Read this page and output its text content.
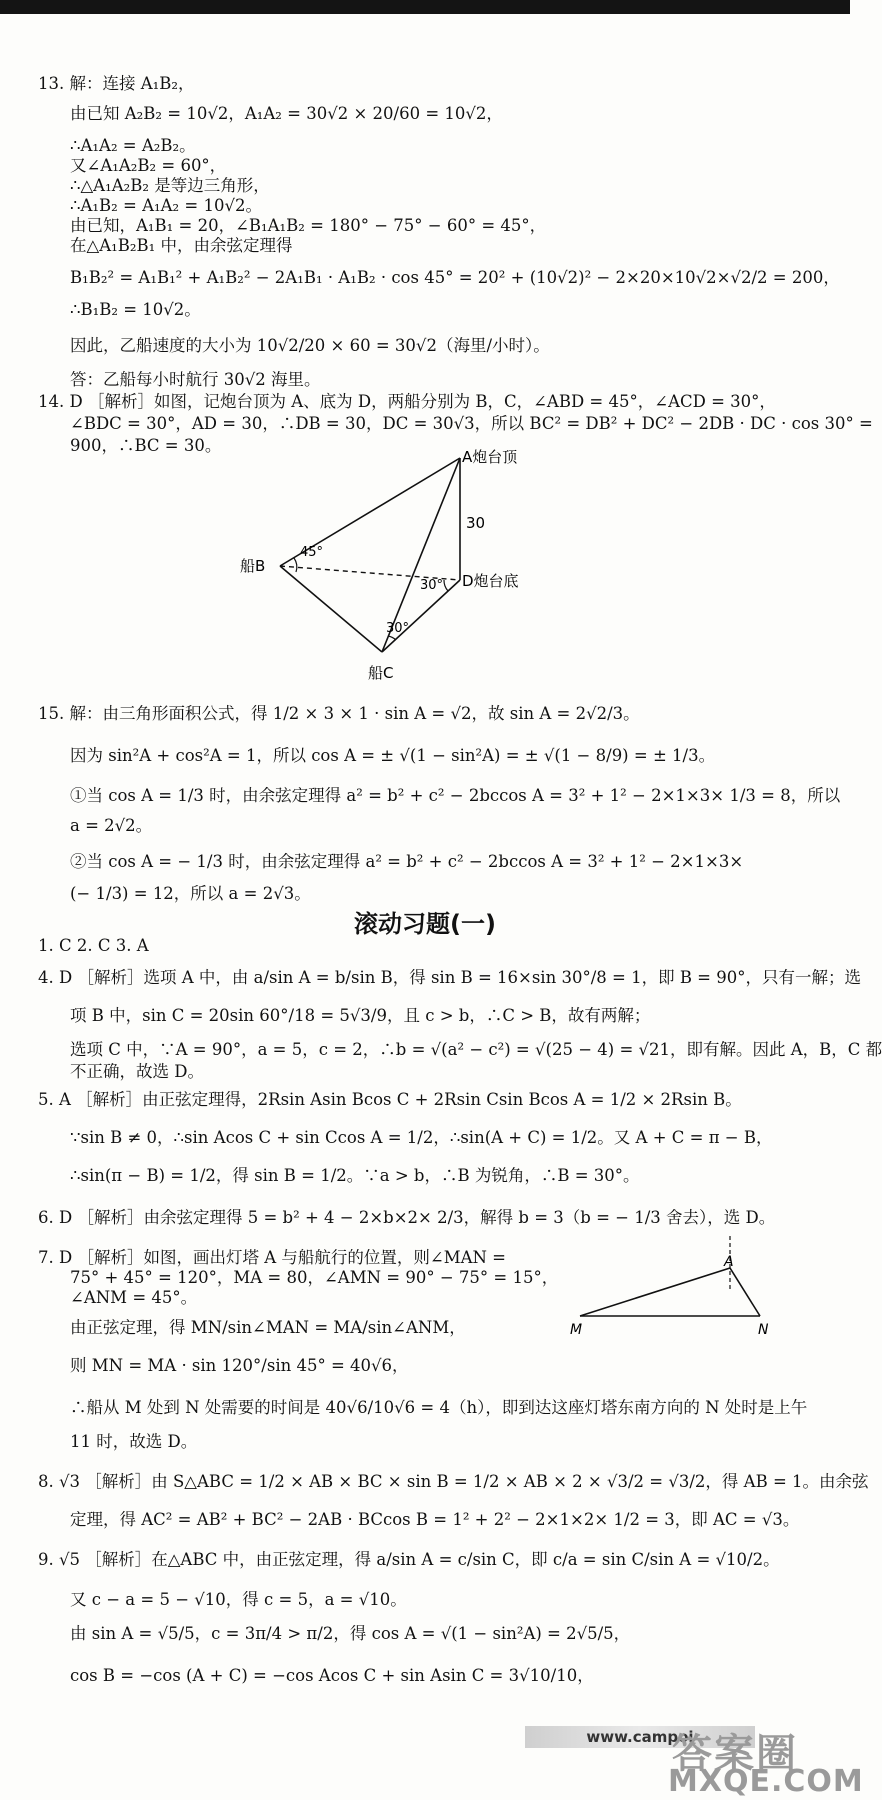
13. 解：连接 A₁B₂，
由已知 A₂B₂ = 10√2，A₁A₂ = 30√2 × 20/60 = 10√2，
∴A₁A₂ = A₂B₂。
又∠A₁A₂B₂ = 60°，
∴△A₁A₂B₂ 是等边三角形，
∴A₁B₂ = A₁A₂ = 10√2。
由已知，A₁B₁ = 20，∠B₁A₁B₂ = 180° − 75° − 60° = 45°，
在△A₁B₂B₁ 中，由余弦定理得
B₁B₂² = A₁B₁² + A₁B₂² − 2A₁B₁ · A₁B₂ · cos 45° = 20² + (10√2)² − 2×20×10√2×√2/2 = 200，
∴B₁B₂ = 10√2。
因此，乙船速度的大小为 10√2/20 × 60 = 30√2（海里/小时）。
答：乙船每小时航行 30√2 海里。
14. D ［解析］如图，记炮台顶为 A、底为 D，两船分别为 B，C，∠ABD = 45°，∠ACD = 30°，
∠BDC = 30°，AD = 30，∴DB = 30，DC = 30√3，所以 BC² = DB² + DC² − 2DB · DC · cos 30° =
900，∴BC = 30。
15. 解：由三角形面积公式，得 1/2 × 3 × 1 · sin A = √2，故 sin A = 2√2/3。
因为 sin²A + cos²A = 1，所以 cos A = ± √(1 − sin²A) = ± √(1 − 8/9) = ± 1/3。
①当 cos A = 1/3 时，由余弦定理得 a² = b² + c² − 2bccos A = 3² + 1² − 2×1×3× 1/3 = 8，所以
a = 2√2。
②当 cos A = − 1/3 时，由余弦定理得 a² = b² + c² − 2bccos A = 3² + 1² − 2×1×3×
(− 1/3) = 12，所以 a = 2√3。
1. C 2. C 3. A
4. D ［解析］选项 A 中，由 a/sin A = b/sin B，得 sin B = 16×sin 30°/8 = 1，即 B = 90°，只有一解；选
项 B 中，sin C = 20sin 60°/18 = 5√3/9，且 c > b，∴C > B，故有两解；
选项 C 中，∵A = 90°，a = 5，c = 2，∴b = √(a² − c²) = √(25 − 4) = √21，即有解。因此 A，B，C 都
不正确，故选 D。
5. A ［解析］由正弦定理得，2Rsin Asin Bcos C + 2Rsin Csin Bcos A = 1/2 × 2Rsin B。
∵sin B ≠ 0，∴sin Acos C + sin Ccos A = 1/2，∴sin(A + C) = 1/2。又 A + C = π − B，
∴sin(π − B) = 1/2，得 sin B = 1/2。∵a > b，∴B 为锐角，∴B = 30°。
6. D ［解析］由余弦定理得 5 = b² + 4 − 2×b×2× 2/3，解得 b = 3（b = − 1/3 舍去），选 D。
7. D ［解析］如图，画出灯塔 A 与船航行的位置，则∠MAN =
75° + 45° = 120°，MA = 80，∠AMN = 90° − 75° = 15°，
∠ANM = 45°。
由正弦定理，得 MN/sin∠MAN = MA/sin∠ANM，
则 MN = MA · sin 120°/sin 45° = 40√6，
∴船从 M 处到 N 处需要的时间是 40√6/10√6 = 4（h），即到达这座灯塔东南方向的 N 处时是上午
11 时，故选 D。
8. √3 ［解析］由 S△ABC = 1/2 × AB × BC × sin B = 1/2 × AB × 2 × √3/2 = √3/2，得 AB = 1。由余弦
定理，得 AC² = AB² + BC² − 2AB · BCcos B = 1² + 2² − 2×1×2× 1/2 = 3，即 AC = √3。
9. √5 ［解析］在△ABC 中，由正弦定理，得 a/sin A = c/sin C，即 c/a = sin C/sin A = √10/2。
又 c − a = 5 − √10，得 c = 5，a = √10。
由 sin A = √5/5，c = 3π/4 > π/2，得 cos A = √(1 − sin²A) = 2√5/5，
cos B = −cos (A + C) = −cos Acos C + sin Asin C = 3√10/10，
滚动习题(一)
A炮台顶
D炮台底
船B
船C
30
45°
30°
30°
A
M	N
www.campoi
答案圈
MXQE.COM
